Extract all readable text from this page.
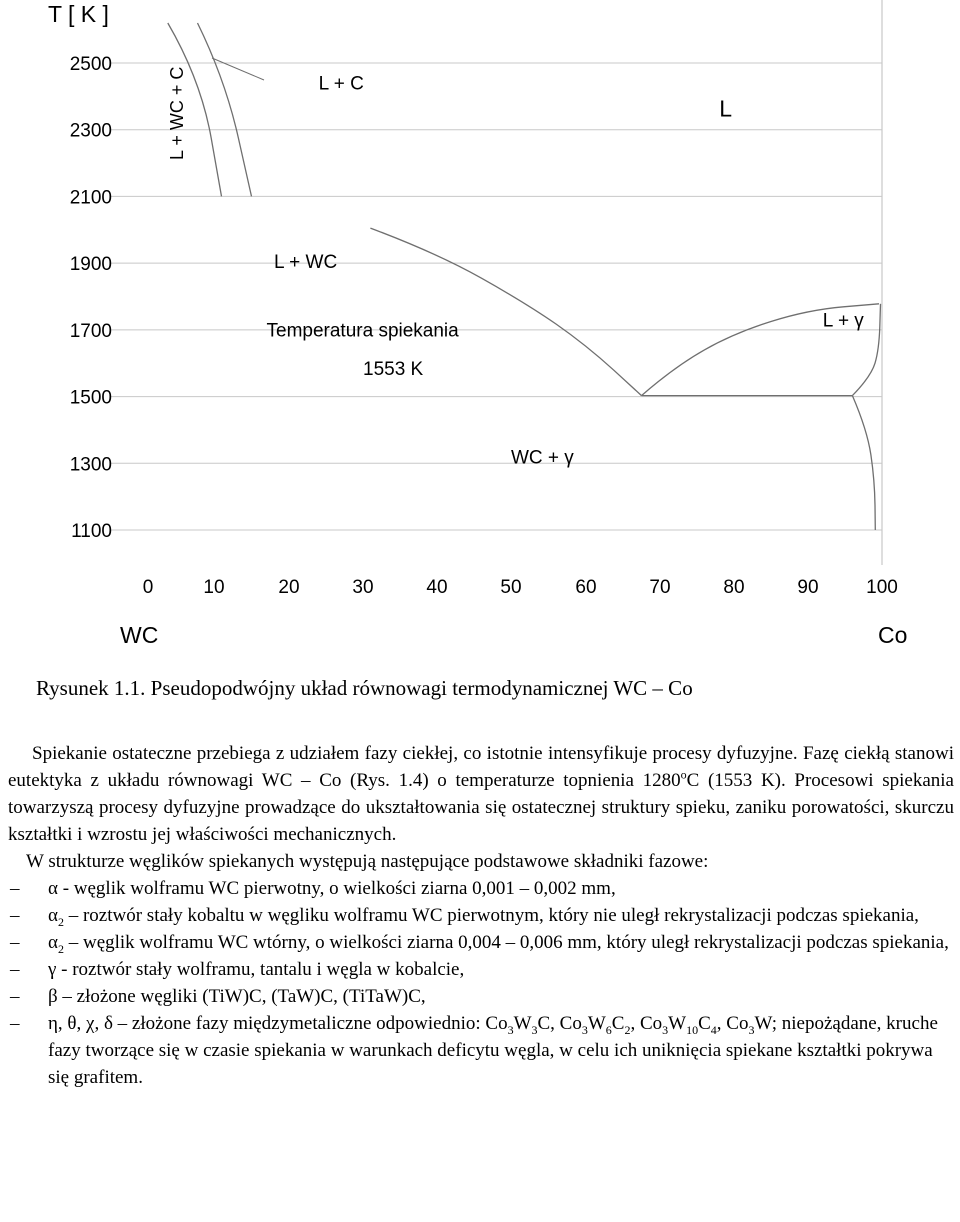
2500
2300
2100
1900
1700
1500
1300
1100
0	10	20	30	40	50	60	70	80	90	100
T [ K ]
WC	Co
L + WC + C	L + C
L
L + WC
Temperatura spiekania
1553 K
L + γ
WC + γ
Rysunek 1.1. Pseudopodwójny układ równowagi termodynamicznej WC – Co

Spiekanie ostateczne przebiega z udziałem fazy ciekłej, co istotnie intensyfikuje procesy dyfuzyjne. Fazę ciekłą stanowi eutektyka z układu równowagi WC – Co (Rys. 1.4) o temperaturze topnienia 1280$^o$C (1553 K). Procesowi spiekania towarzyszą procesy dyfuzyjne prowadzące do ukształtowania się ostatecznej struktury spieku, zaniku porowatości, skurczu kształtki i wzrostu jej właściwości mechanicznych.

W strukturze węglików spiekanych występują następujące podstawowe składniki fazowe:

–	α - węglik wolframu WC pierwotny, o wielkości ziarna 0,001 – 0,002 mm,
–	$\alpha_2$ – roztwór stały kobaltu w węgliku wolframu WC pierwotnym, który nie uległ rekrystalizacji podczas spiekania,
–	$\alpha_2$ – węglik wolframu WC wtórny, o wielkości ziarna 0,004 – 0,006 mm, który uległ rekrystalizacji podczas spiekania,
–	γ - roztwór stały wolframu, tantalu i węgla w kobalcie,
–	β – złożone węgliki (TiW)C, (TaW)C, (TiTaW)C,
–	η, θ, χ, δ – złożone fazy międzymetaliczne odpowiednio: $Co_3W_3C$, $Co_3W_6C_2$, $Co_3W_{10}C_4$, $Co_3W$; niepożądane, kruche fazy tworzące się w czasie spiekania w warunkach deficytu węgla, w celu ich uniknięcia spiekane kształtki pokrywa się grafitem.
